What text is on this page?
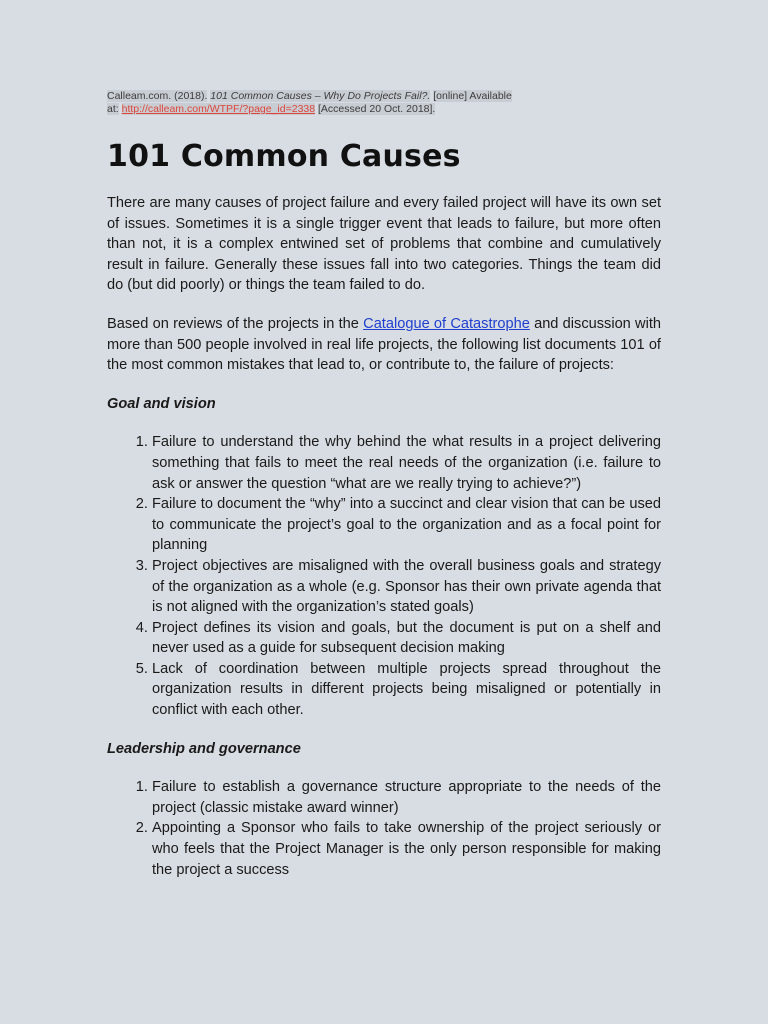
Calleam.com. (2018). 101 Common Causes – Why Do Projects Fail?. [online] Available
at: http://calleam.com/WTPF/?page_id=2338 [Accessed 20 Oct. 2018].
101 Common Causes

There are many causes of project failure and every failed project will have its own set of issues. Sometimes it is a single trigger event that leads to failure, but more often than not, it is a complex entwined set of problems that combine and cumulatively result in failure. Generally these issues fall into two categories. Things the team did do (but did poorly) or things the team failed to do.

Based on reviews of the projects in the Catalogue of Catastrophe and discussion with more than 500 people involved in real life projects, the following list documents 101 of the most common mistakes that lead to, or contribute to, the failure of projects:

Goal and vision

1. Failure to understand the why behind the what results in a project delivering something that fails to meet the real needs of the organization (i.e. failure to ask or answer the question “what are we really trying to achieve?”)
2. Failure to document the “why” into a succinct and clear vision that can be used to communicate the project’s goal to the organization and as a focal point for planning
3. Project objectives are misaligned with the overall business goals and strategy of the organization as a whole (e.g. Sponsor has their own private agenda that is not aligned with the organization’s stated goals)
4. Project defines its vision and goals, but the document is put on a shelf and never used as a guide for subsequent decision making
5. Lack of coordination between multiple projects spread throughout the organization results in different projects being misaligned or potentially in conflict with each other.

Leadership and governance

1. Failure to establish a governance structure appropriate to the needs of the project (classic mistake award winner)
2. Appointing a Sponsor who fails to take ownership of the project seriously or who feels that the Project Manager is the only person responsible for making the project a success
